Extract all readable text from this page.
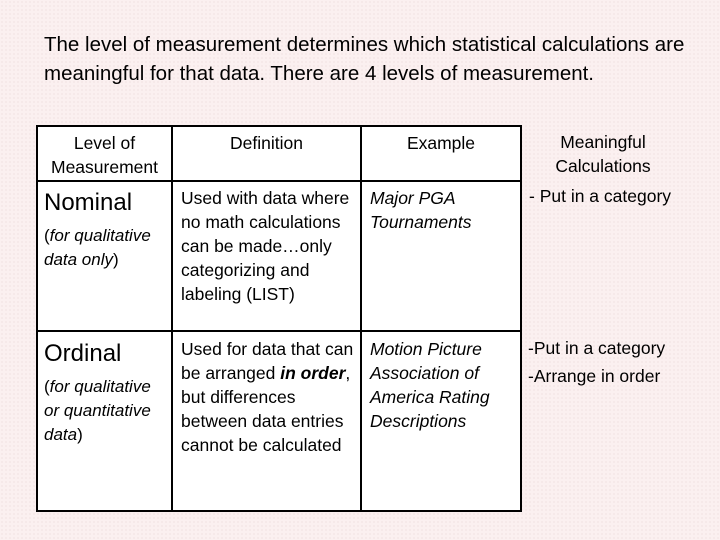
The level of measurement determines which statistical calculations are meaningful for that data. There are 4 levels of measurement.
Level of
Measurement
Definition	Example
Nominal
(for qualitative data only)
Used with data where no math calculations can be made…only categorizing and labeling (LIST)
Major PGA Tournaments
Ordinal
(for qualitative or quantitative data)
Used for data that can be arranged in order, but differences between data entries cannot be calculated
Motion Picture Association of America Rating Descriptions
Meaningful
Calculations
- Put in a category
-Put in a category
-Arrange in order
